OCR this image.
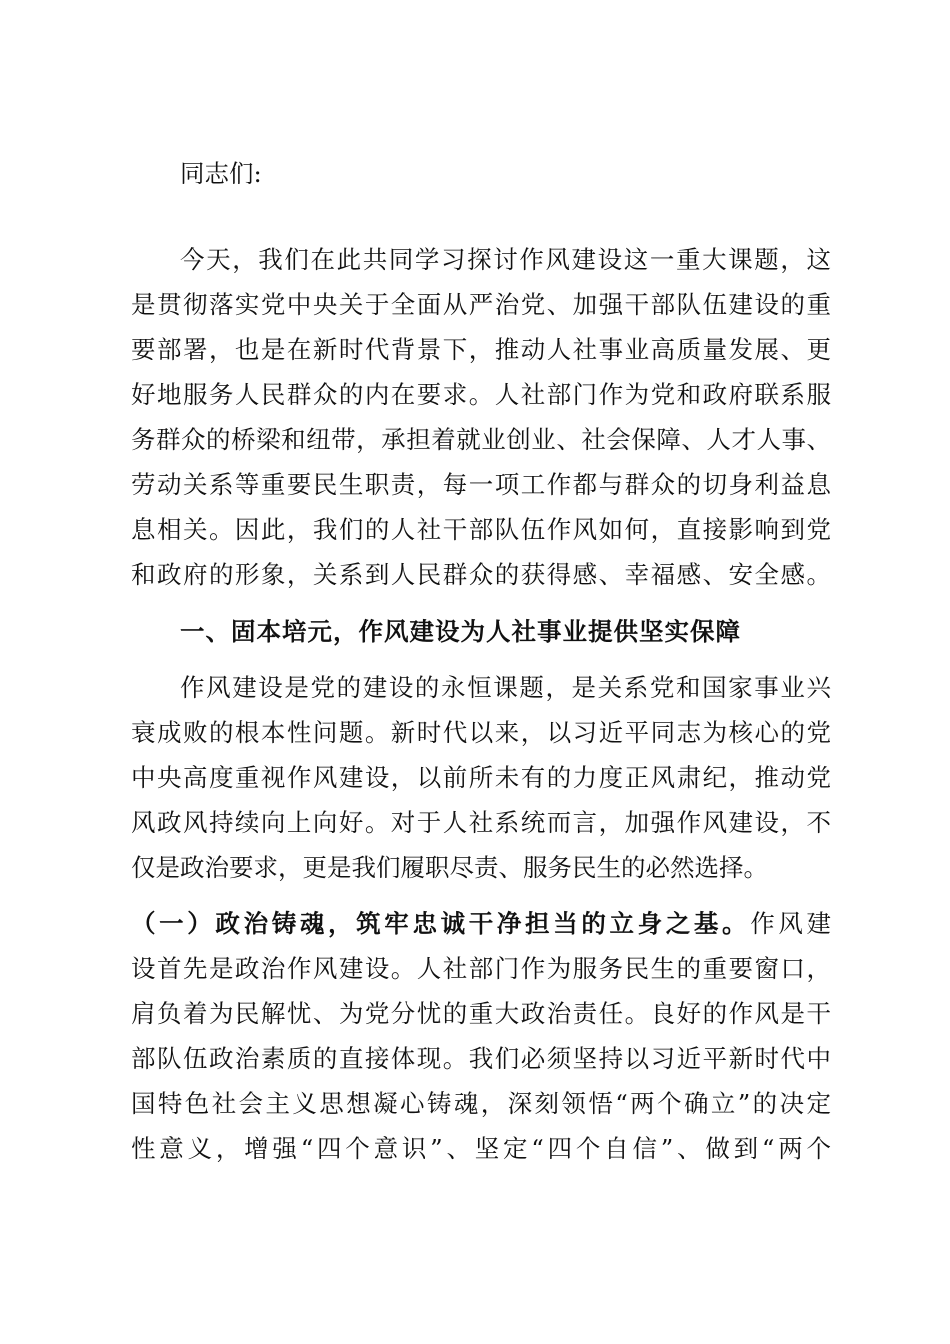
同志们:
今天，我们在此共同学习探讨作风建设这一重大课题，这
是贯彻落实党中央关于全面从严治党、加强干部队伍建设的重
要部署，也是在新时代背景下，推动人社事业高质量发展、更
好地服务人民群众的内在要求。人社部门作为党和政府联系服
务群众的桥梁和纽带，承担着就业创业、社会保障、人才人事、
劳动关系等重要民生职责，每一项工作都与群众的切身利益息
息相关。因此，我们的人社干部队伍作风如何，直接影响到党
和政府的形象，关系到人民群众的获得感、幸福感、安全感。
一、固本培元，作风建设为人社事业提供坚实保障
作风建设是党的建设的永恒课题，是关系党和国家事业兴
衰成败的根本性问题。新时代以来，以习近平同志为核心的党
中央高度重视作风建设，以前所未有的力度正风肃纪，推动党
风政风持续向上向好。对于人社系统而言，加强作风建设，不
仅是政治要求，更是我们履职尽责、服务民生的必然选择。
（一）政治铸魂，筑牢忠诚干净担当的立身之基。作风建
设首先是政治作风建设。人社部门作为服务民生的重要窗口，
肩负着为民解忧、为党分忧的重大政治责任。良好的作风是干
部队伍政治素质的直接体现。我们必须坚持以习近平新时代中
国特色社会主义思想凝心铸魂，深刻领悟“两个确立”的决定
性意义，增强“四个意识”、坚定“四个自信”、做到“两个
